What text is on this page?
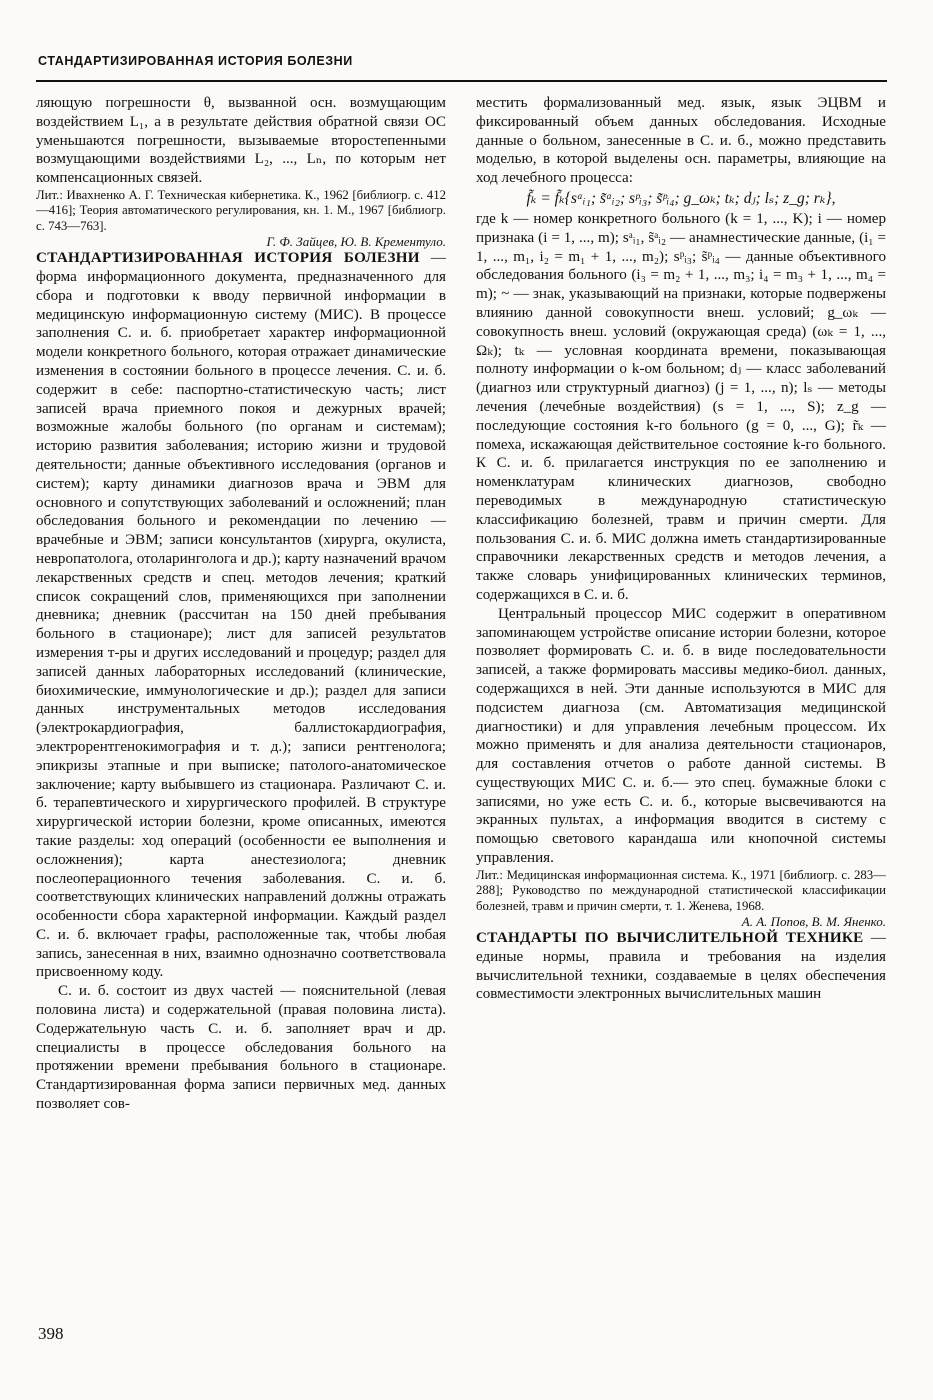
СТАНДАРТИЗИРОВАННАЯ ИСТОРИЯ БОЛЕЗНИ

ляющую погрешности θ, вызванной осн. возмущающим воздействием L₁, а в результате действия обратной связи ОС уменьшаются погрешности, вызываемые второстепенными возмущающими воздействиями L₂, ..., Lₙ, по которым нет компенсационных связей.

Лит.: Ивахненко А. Г. Техническая кибернетика. К., 1962 [библиогр. с. 412—416]; Теория автоматического регулирования, кн. 1. М., 1967 [библиогр. с. 743—763].

Г. Ф. Зайцев, Ю. В. Крементуло.

СТАНДАРТИЗИРОВАННАЯ ИСТОРИЯ БОЛЕЗНИ — форма информационного документа, предназначенного для сбора и подготовки к вводу первичной информации в медицинскую информационную систему (МИС). В процессе заполнения С. и. б. приобретает характер информационной модели конкретного больного, которая отражает динамические изменения в состоянии больного в процессе лечения. С. и. б. содержит в себе: паспортно-статистическую часть; лист записей врача приемного покоя и дежурных врачей; возможные жалобы больного (по органам и системам); историю развития заболевания; историю жизни и трудовой деятельности; данные объективного исследования (органов и систем); карту динамики диагнозов врача и ЭВМ для основного и сопутствующих заболеваний и осложнений; план обследования больного и рекомендации по лечению — врачебные и ЭВМ; записи консультантов (хирурга, окулиста, невропатолога, отоларинголога и др.); карту назначений врачом лекарственных средств и спец. методов лечения; краткий список сокращений слов, применяющихся при заполнении дневника; дневник (рассчитан на 150 дней пребывания больного в стационаре); лист для записей результатов измерения т-ры и других исследований и процедур; раздел для записей данных лабораторных исследований (клинические, биохимические, иммунологические и др.); раздел для записи данных инструментальных методов исследования (электрокардиография, баллистокардиография, электрорентгенокимография и т. д.); записи рентгенолога; эпикризы этапные и при выписке; патолого-анатомическое заключение; карту выбывшего из стационара. Различают С. и. б. терапевтического и хирургического профилей. В структуре хирургической истории болезни, кроме описанных, имеются такие разделы: ход операций (особенности ее выполнения и осложнения); карта анестезиолога; дневник послеоперационного течения заболевания. С. и. б. соответствующих клинических направлений должны отражать особенности сбора характерной информации. Каждый раздел С. и. б. включает графы, расположенные так, чтобы любая запись, занесенная в них, взаимно однозначно соответствовала присвоенному коду.

С. и. б. состоит из двух частей — пояснительной (левая половина листа) и содержательной (правая половина листа). Содержательную часть С. и. б. заполняет врач и др. специалисты в процессе обследования больного на протяжении времени пребывания больного в стационаре. Стандартизированная форма записи первичных мед. данных позволяет сов-

местить формализованный мед. язык, язык ЭЦВМ и фиксированный объем данных обследования. Исходные данные о больном, занесенные в С. и. б., можно представить моделью, в которой выделены осн. параметры, влияющие на ход лечебного процесса:

f̃ₖ = f̃ₖ{sᵃᵢ₁; s̃ᵃᵢ₂; sᵖᵢ₃; s̃ᵖᵢ₄; g_ωₖ; tₖ; dⱼ; lₛ; z_g; rₖ},

где k — номер конкретного больного (k = 1, ..., K); i — номер признака (i = 1, ..., m); sᵃᵢ₁, s̃ᵃᵢ₂ — анамнестические данные, (i₁ = 1, ..., m₁, i₂ = m₁ + 1, ..., m₂); sᵖᵢ₃; s̃ᵖᵢ₄ — данные объективного обследования больного (i₃ = m₂ + 1, ..., m₃; i₄ = m₃ + 1, ..., m₄ = m); ~ — знак, указывающий на признаки, которые подвержены влиянию данной совокупности внеш. условий; g_ωₖ — совокупность внеш. условий (окружающая среда) (ωₖ = 1, ..., Ωₖ); tₖ — условная координата времени, показывающая полноту информации о k-ом больном; dⱼ — класс заболеваний (диагноз или структурный диагноз) (j = 1, ..., n); lₛ — методы лечения (лечебные воздействия) (s = 1, ..., S); z_g — последующие состояния k-го больного (g = 0, ..., G); r̃ₖ — помеха, искажающая действительное состояние k-го больного. К С. и. б. прилагается инструкция по ее заполнению и номенклатурам клинических диагнозов, свободно переводимых в международную статистическую классификацию болезней, травм и причин смерти. Для пользования С. и. б. МИС должна иметь стандартизированные справочники лекарственных средств и методов лечения, а также словарь унифицированных клинических терминов, содержащихся в С. и. б.

Центральный процессор МИС содержит в оперативном запоминающем устройстве описание истории болезни, которое позволяет формировать С. и. б. в виде последовательности записей, а также формировать массивы медико-биол. данных, содержащихся в ней. Эти данные используются в МИС для подсистем диагноза (см. Автоматизация медицинской диагностики) и для управления лечебным процессом. Их можно применять и для анализа деятельности стационаров, для составления отчетов о работе данной системы. В существующих МИС С. и. б.— это спец. бумажные блоки с записями, но уже есть С. и. б., которые высвечиваются на экранных пультах, а информация вводится в систему с помощью светового карандаша или кнопочной системы управления.

Лит.: Медицинская информационная система. К., 1971 [библиогр. с. 283—288]; Руководство по международной статистической классификации болезней, травм и причин смерти, т. 1. Женева, 1968.

А. А. Попов, В. М. Яненко.

СТАНДАРТЫ ПО ВЫЧИСЛИТЕЛЬНОЙ ТЕХНИКЕ — единые нормы, правила и требования на изделия вычислительной техники, создаваемые в целях обеспечения совместимости электронных вычислительных машин

398
